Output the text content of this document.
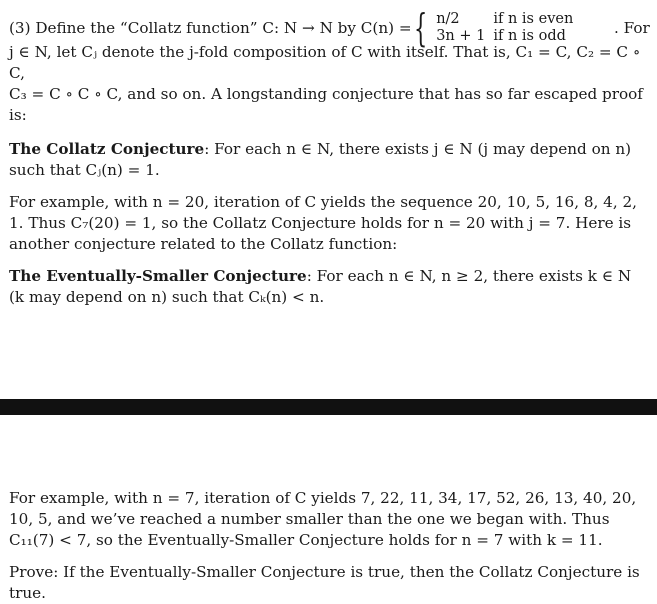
(3) Define the “Collatz function” C: N → N by C(n) = { n/2	if n is even
3n + 1	if n is odd	. For
j ∈ N, let Cⱼ denote the j-fold composition of C with itself. That is, C₁ = C, C₂ = C ∘ C,
C₃ = C ∘ C ∘ C, and so on. A longstanding conjecture that has so far escaped proof is:

The Collatz Conjecture: For each n ∈ N, there exists j ∈ N (j may depend on n) such that Cⱼ(n) = 1.

For example, with n = 20, iteration of C yields the sequence 20, 10, 5, 16, 8, 4, 2, 1. Thus C₇(20) = 1, so the Collatz Conjecture holds for n = 20 with j = 7. Here is another conjecture related to the Collatz function:

The Eventually-Smaller Conjecture: For each n ∈ N, n ≥ 2, there exists k ∈ N (k may depend on n) such that Cₖ(n) < n.

For example, with n = 7, iteration of C yields 7, 22, 11, 34, 17, 52, 26, 13, 40, 20, 10, 5, and we’ve reached a number smaller than the one we began with. Thus C₁₁(7) < 7, so the Eventually-Smaller Conjecture holds for n = 7 with k = 11.

Prove: If the Eventually-Smaller Conjecture is true, then the Collatz Conjecture is true.
